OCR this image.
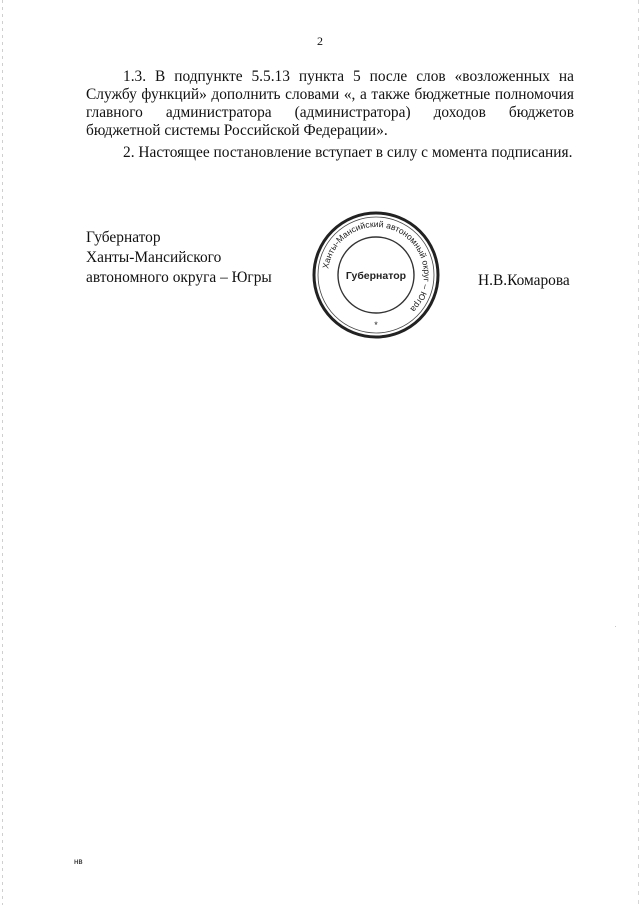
2

1.3. В подпункте 5.5.13 пункта 5 после слов «возложенных на Службу функций» дополнить словами «, а также бюджетные полномочия главного администратора (администратора) доходов бюджетов бюджетной системы Российской Федерации».

2. Настоящее постановление вступает в силу с момента подписания.

Губернатор
Ханты-Мансийского
автономного округа – Югры
Ханты-Мансийский автономный округ – Югра
Губернатор
*
Н.В.Комарова
нв
